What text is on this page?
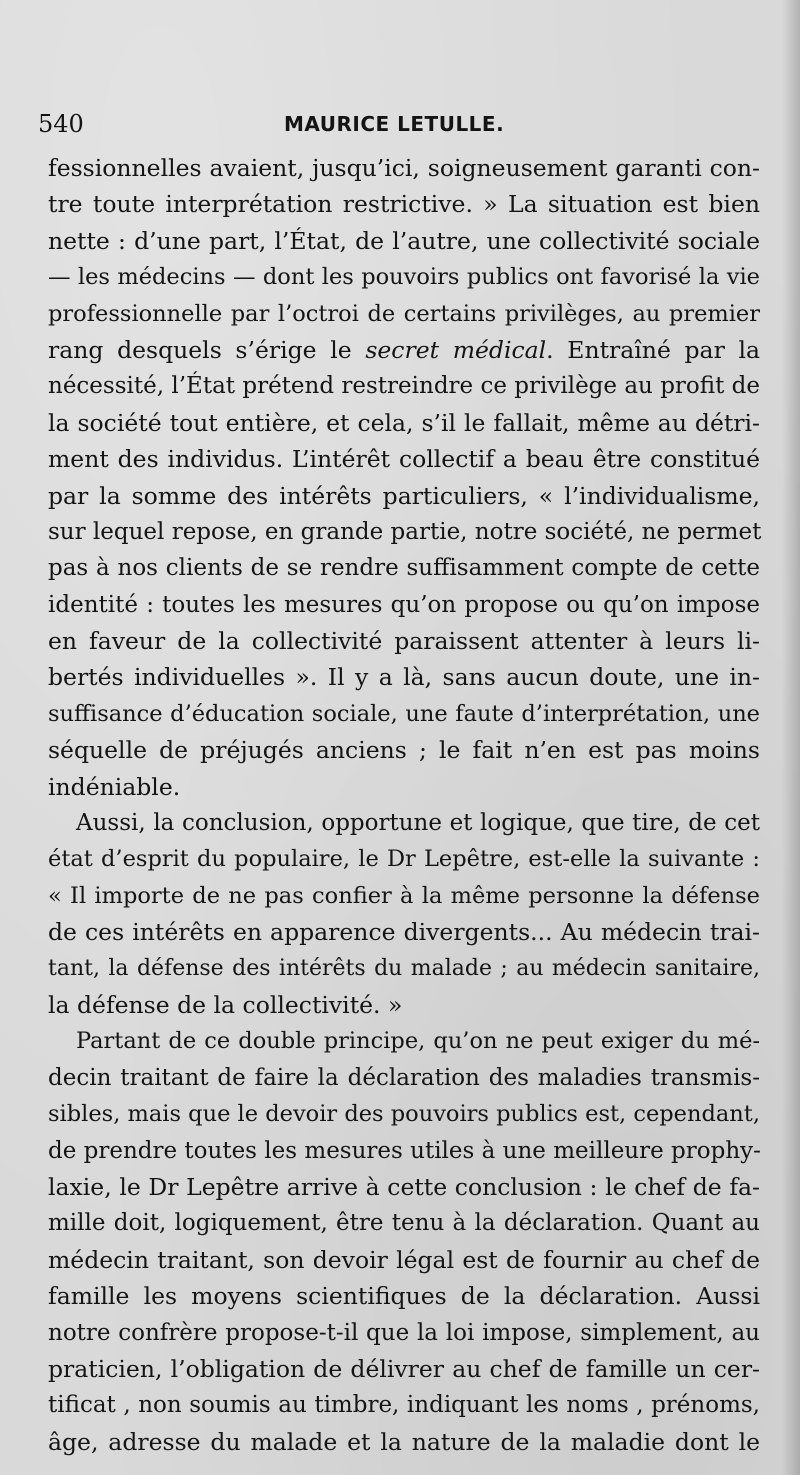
540	MAURICE LETULLE.
fessionnelles avaient, jusqu’ici, soigneusement garanti con-
tre toute interprétation restrictive. » La situation est bien
nette : d’une part, l’État, de l’autre, une collectivité sociale
— les médecins — dont les pouvoirs publics ont favorisé la vie
professionnelle par l’octroi de certains privilèges, au premier
rang desquels s’érige le secret médical. Entraîné par la
nécessité, l’État prétend restreindre ce privilège au profit de
la société tout entière, et cela, s’il le fallait, même au détri-
ment des individus. L’intérêt collectif a beau être constitué
par la somme des intérêts particuliers, « l’individualisme,
sur lequel repose, en grande partie, notre société, ne permet
pas à nos clients de se rendre suffisamment compte de cette
identité : toutes les mesures qu’on propose ou qu’on impose
en faveur de la collectivité paraissent attenter à leurs li-
bertés individuelles ». Il y a là, sans aucun doute, une in-
suffisance d’éducation sociale, une faute d’interprétation, une
séquelle de préjugés anciens ; le fait n’en est pas moins
indéniable.
Aussi, la conclusion, opportune et logique, que tire, de cet
état d’esprit du populaire, le Dr Lepêtre, est-elle la suivante :
« Il importe de ne pas confier à la même personne la défense
de ces intérêts en apparence divergents... Au médecin trai-
tant, la défense des intérêts du malade ; au médecin sanitaire,
la défense de la collectivité. »
Partant de ce double principe, qu’on ne peut exiger du mé-
decin traitant de faire la déclaration des maladies transmis-
sibles, mais que le devoir des pouvoirs publics est, cependant,
de prendre toutes les mesures utiles à une meilleure prophy-
laxie, le Dr Lepêtre arrive à cette conclusion : le chef de fa-
mille doit, logiquement, être tenu à la déclaration. Quant au
médecin traitant, son devoir légal est de fournir au chef de
famille les moyens scientifiques de la déclaration. Aussi
notre confrère propose-t-il que la loi impose, simplement, au
praticien, l’obligation de délivrer au chef de famille un cer-
tificat , non soumis au timbre, indiquant les noms , prénoms,
âge, adresse du malade et la nature de la maladie dont le
